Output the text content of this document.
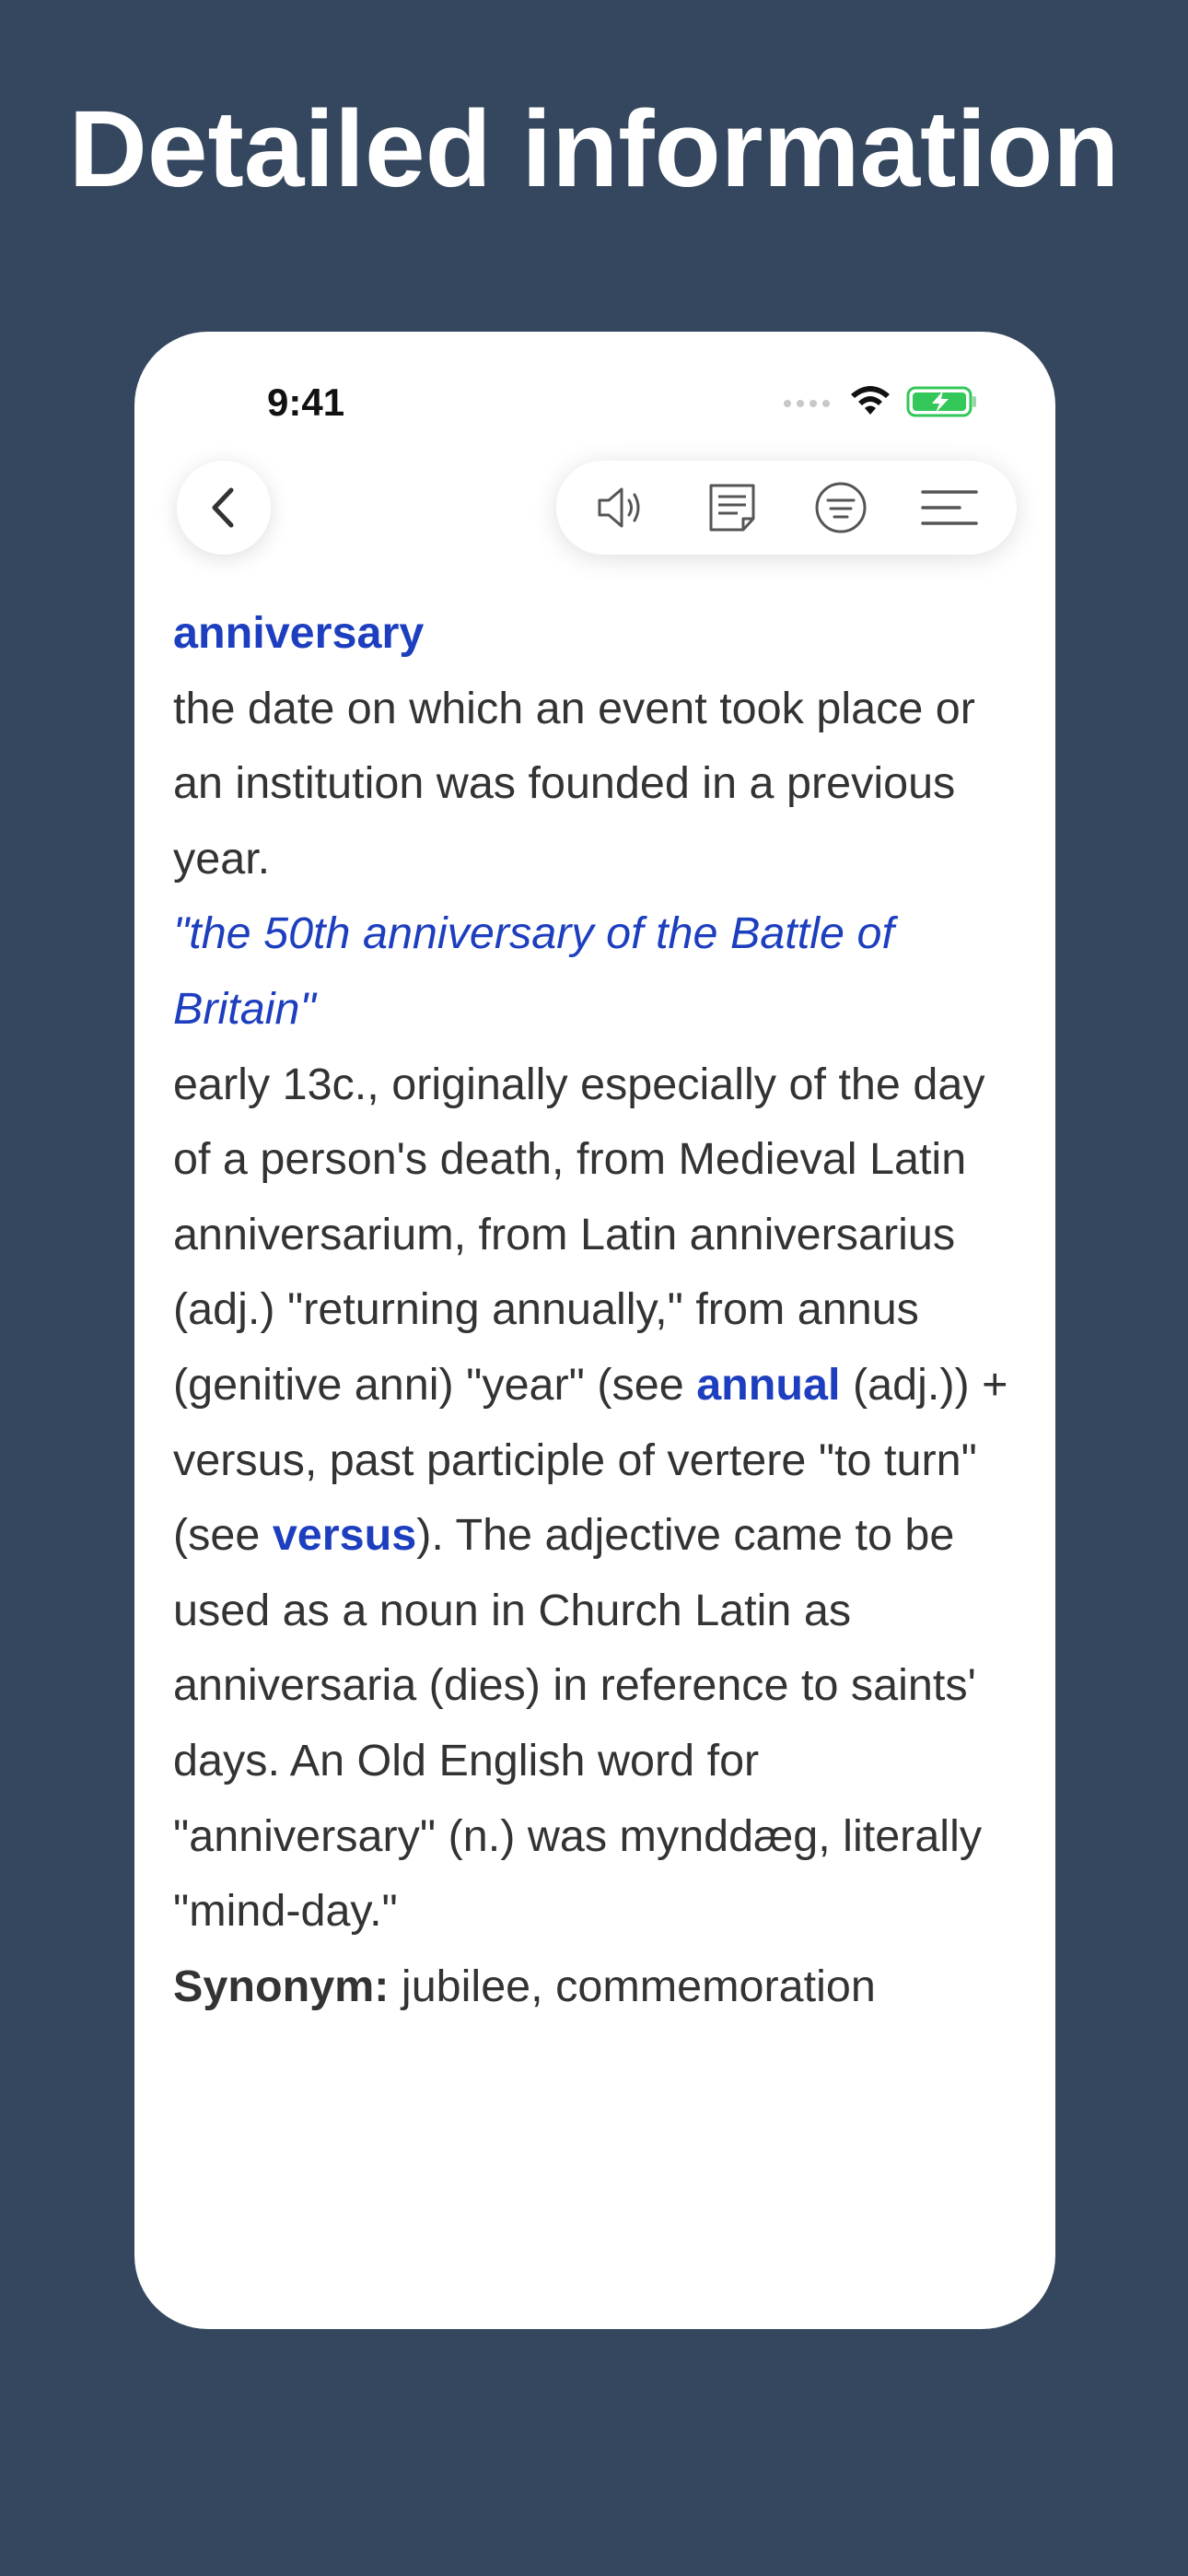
Detailed information
9:41

anniversary

the date on which an event took place or an institution was founded in a previous year.

"the 50th anniversary of the Battle of Britain"

early 13c., originally especially of the day of a person's death, from Medieval Latin anniversarium, from Latin anniversarius (adj.) "returning annually," from annus (genitive anni) "year" (see annual (adj.)) + versus, past participle of vertere "to turn" (see versus). The adjective came to be used as a noun in Church Latin as anniversaria (dies) in reference to saints' days. An Old English word for "anniversary" (n.) was mynddæg, literally "mind-day."

Synonym: jubilee, commemoration
